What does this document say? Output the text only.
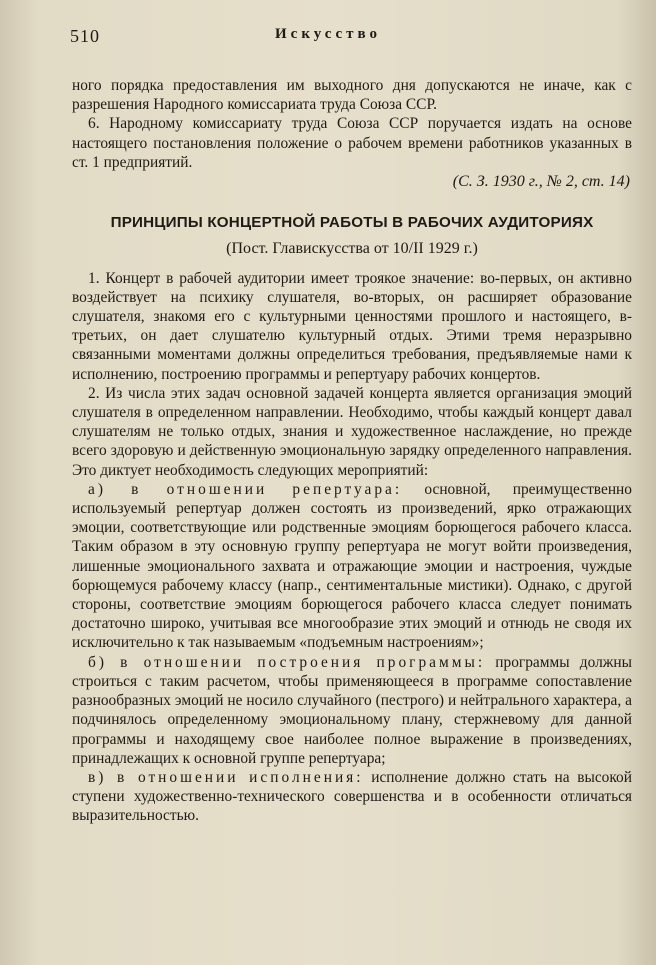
510	Искусство

ного порядка предоставления им выходного дня допускаются не иначе, как с разрешения Народного комиссариата труда Союза ССР.

6. Народному комиссариату труда Союза ССР поручается издать на основе настоящего постановления положение о рабочем времени работников указанных в ст. 1 предприятий.

(С. З. 1930 г., № 2, ст. 14)

ПРИНЦИПЫ КОНЦЕРТНОЙ РАБОТЫ В РАБОЧИХ АУДИТОРИЯХ
(Пост. Главискусства от 10/II 1929 г.)

1. Концерт в рабочей аудитории имеет троякое значение: во-первых, он активно воздействует на психику слушателя, во-вторых, он расширяет образование слушателя, знакомя его с культурными ценностями прошлого и настоящего, в-третьих, он дает слушателю культурный отдых. Этими тремя неразрывно связанными моментами должны определиться требования, предъявляемые нами к исполнению, построению программы и репертуару рабочих концертов.

2. Из числа этих задач основной задачей концерта является организация эмоций слушателя в определенном направлении. Необходимо, чтобы каждый концерт давал слушателям не только отдых, знания и художественное наслаждение, но прежде всего здоровую и действенную эмоциональную зарядку определенного направления. Это диктует необходимость следующих мероприятий:

а) в отношении репертуара: основной, преимущественно используемый репертуар должен состоять из произведений, ярко отражающих эмоции, соответствующие или родственные эмоциям борющегося рабочего класса. Таким образом в эту основную группу репертуара не могут войти произведения, лишенные эмоционального захвата и отражающие эмоции и настроения, чуждые борющемуся рабочему классу (напр., сентиментальные мистики). Однако, с другой стороны, соответствие эмоциям борющегося рабочего класса следует понимать достаточно широко, учитывая все многообразие этих эмоций и отнюдь не сводя их исключительно к так называемым «подъемным настроениям»;

б) в отношении построения программы: программы должны строиться с таким расчетом, чтобы применяющееся в программе сопоставление разнообразных эмоций не носило случайного (пестрого) и нейтрального характера, а подчинялось определенному эмоциональному плану, стержневому для данной программы и находящему свое наиболее полное выражение в произведениях, принадлежащих к основной группе репертуара;

в) в отношении исполнения: исполнение должно стать на высокой ступени художественно-технического совершенства и в особенности отличаться выразительностью.
